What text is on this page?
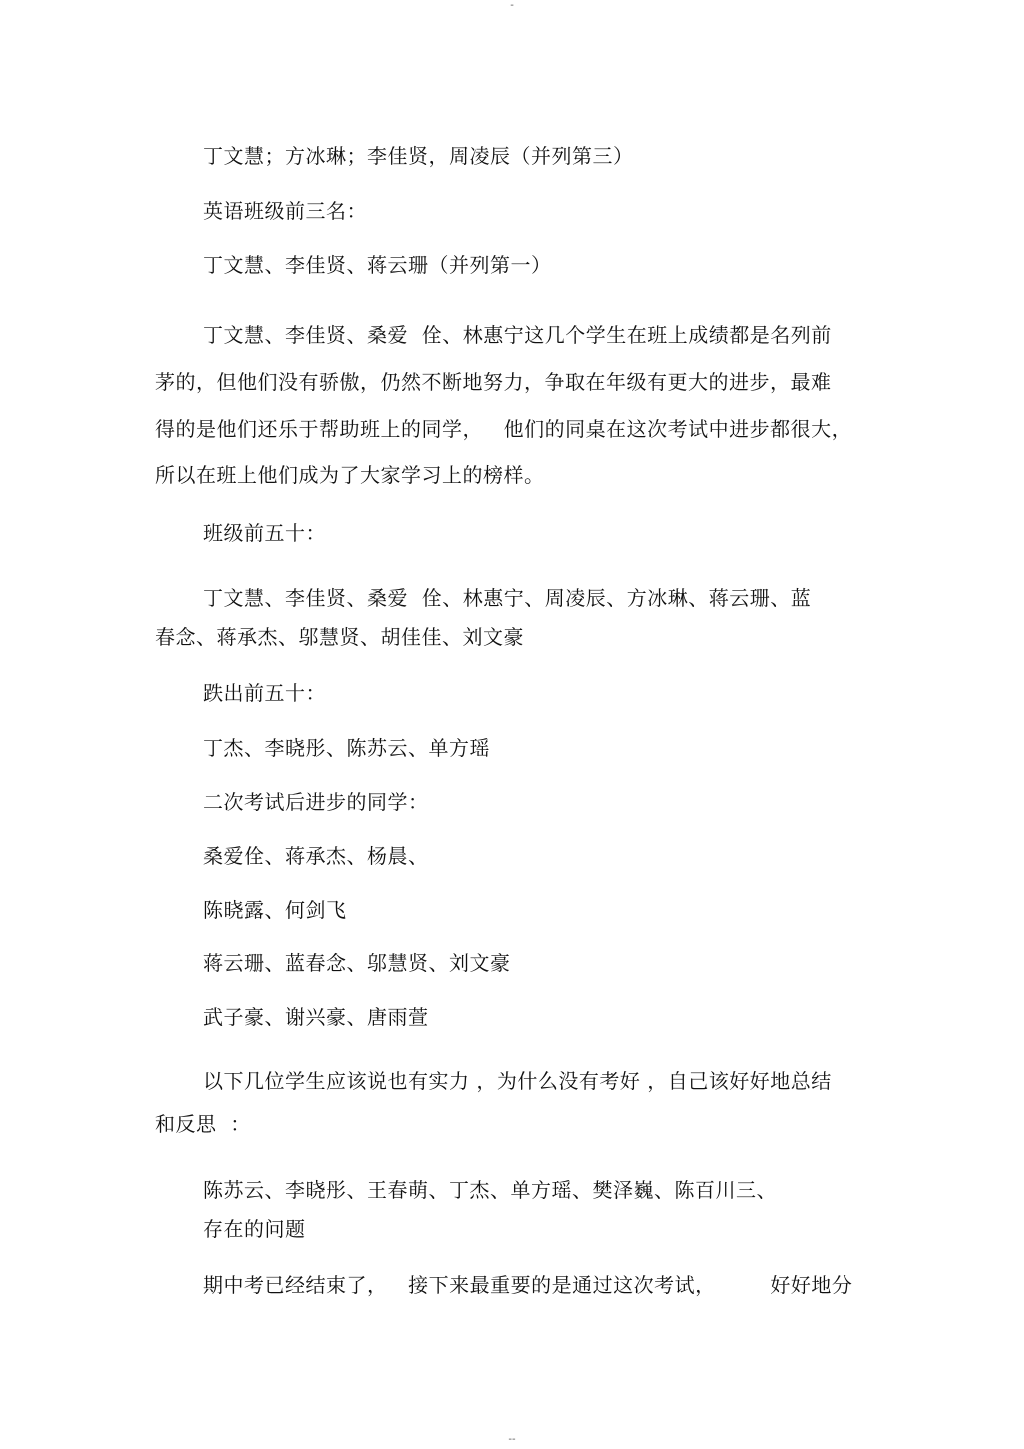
-
丁文慧；方冰琳；李佳贤，周凌辰（并列第三）
英语班级前三名：
丁文慧、李佳贤、蒋云珊（并列第一）
丁文慧、李佳贤、桑爱  佺、林惠宁这几个学生在班上成绩都是名列前
茅的，但他们没有骄傲，仍然不断地努力，争取在年级有更大的进步，最难
得的是他们还乐于帮助班上的同学，   他们的同桌在这次考试中进步都很大，
所以在班上他们成为了大家学习上的榜样。
班级前五十：
丁文慧、李佳贤、桑爱  佺、林惠宁、周凌辰、方冰琳、蒋云珊、蓝
春念、蒋承杰、邬慧贤、胡佳佳、刘文豪
跌出前五十：
丁杰、李晓彤、陈苏云、单方瑶
二次考试后进步的同学：
桑爱佺、蒋承杰、杨晨、
陈晓露、何剑飞
蒋云珊、蓝春念、邬慧贤、刘文豪
武子豪、谢兴豪、唐雨萱
以下几位学生应该说也有实力 ，为什么没有考好 ，自己该好好地总结
和反思  ：
陈苏云、李晓彤、王春萌、丁杰、单方瑶、樊泽巍、陈百川三、
存在的问题
期中考已经结束了，   接下来最重要的是通过这次考试，        好好地分
--
